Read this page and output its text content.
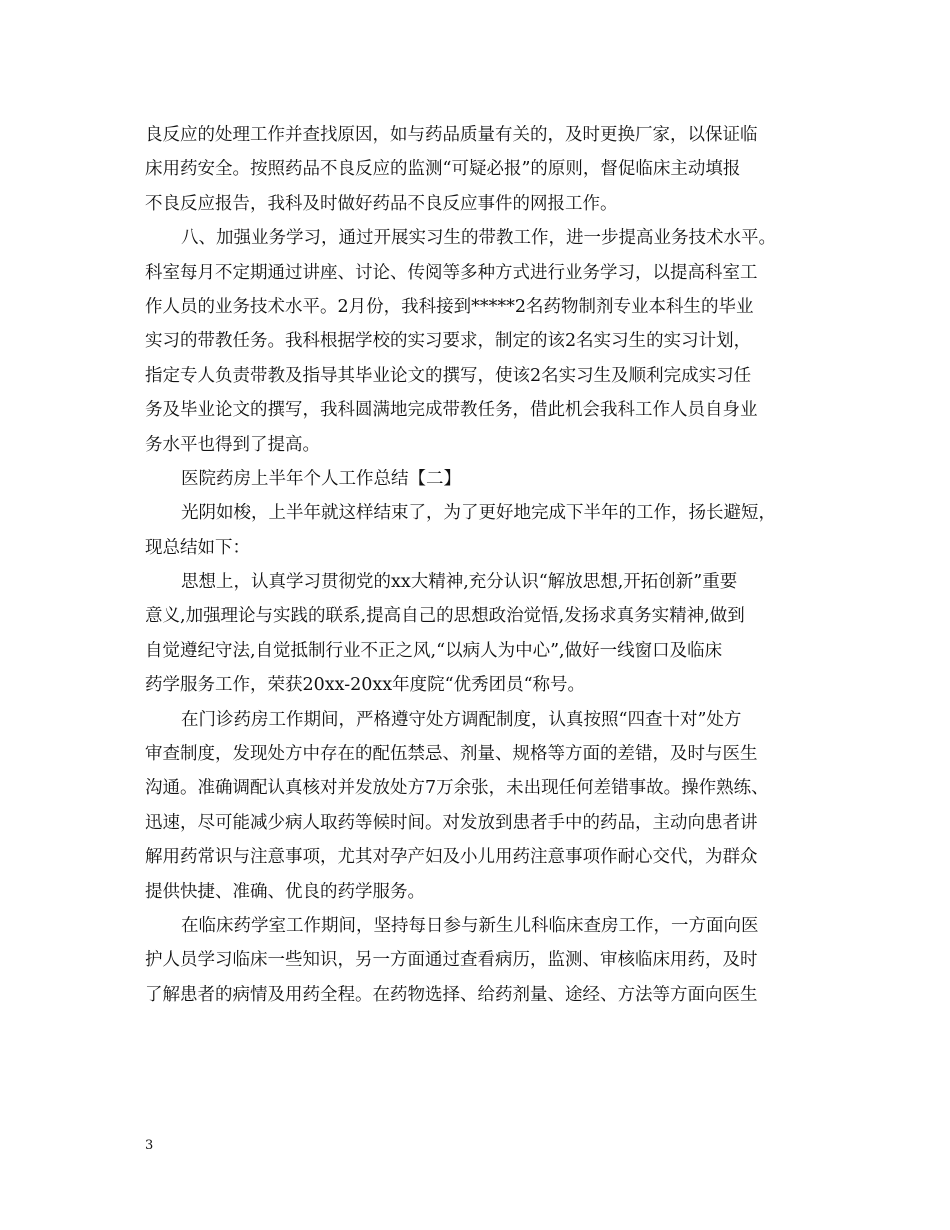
良反应的处理工作并查找原因，如与药品质量有关的，及时更换厂家，以保证临
床用药安全。按照药品不良反应的监测“可疑必报”的原则，督促临床主动填报
不良反应报告，我科及时做好药品不良反应事件的网报工作。
八、加强业务学习，通过开展实习生的带教工作，进一步提高业务技术水平。
科室每月不定期通过讲座、讨论、传阅等多种方式进行业务学习，以提高科室工
作人员的业务技术水平。2月份，我科接到*****2名药物制剂专业本科生的毕业
实习的带教任务。我科根据学校的实习要求，制定的该2名实习生的实习计划，
指定专人负责带教及指导其毕业论文的撰写，使该2名实习生及顺利完成实习任
务及毕业论文的撰写，我科圆满地完成带教任务，借此机会我科工作人员自身业
务水平也得到了提高。
医院药房上半年个人工作总结【二】
光阴如梭，上半年就这样结束了，为了更好地完成下半年的工作，扬长避短，
现总结如下：
思想上，认真学习贯彻党的xx大精神,充分认识“解放思想,开拓创新”重要
意义,加强理论与实践的联系,提高自己的思想政治觉悟,发扬求真务实精神,做到
自觉遵纪守法,自觉抵制行业不正之风,“以病人为中心”,做好一线窗口及临床
药学服务工作，荣获20xx-20xx年度院“优秀团员“称号。
在门诊药房工作期间，严格遵守处方调配制度，认真按照“四查十对”处方
审查制度，发现处方中存在的配伍禁忌、剂量、规格等方面的差错，及时与医生
沟通。准确调配认真核对并发放处方7万余张，未出现任何差错事故。操作熟练、
迅速，尽可能减少病人取药等候时间。对发放到患者手中的药品，主动向患者讲
解用药常识与注意事项，尤其对孕产妇及小儿用药注意事项作耐心交代，为群众
提供快捷、准确、优良的药学服务。
在临床药学室工作期间，坚持每日参与新生儿科临床查房工作，一方面向医
护人员学习临床一些知识，另一方面通过查看病历，监测、审核临床用药，及时
了解患者的病情及用药全程。在药物选择、给药剂量、途经、方法等方面向医生
3
